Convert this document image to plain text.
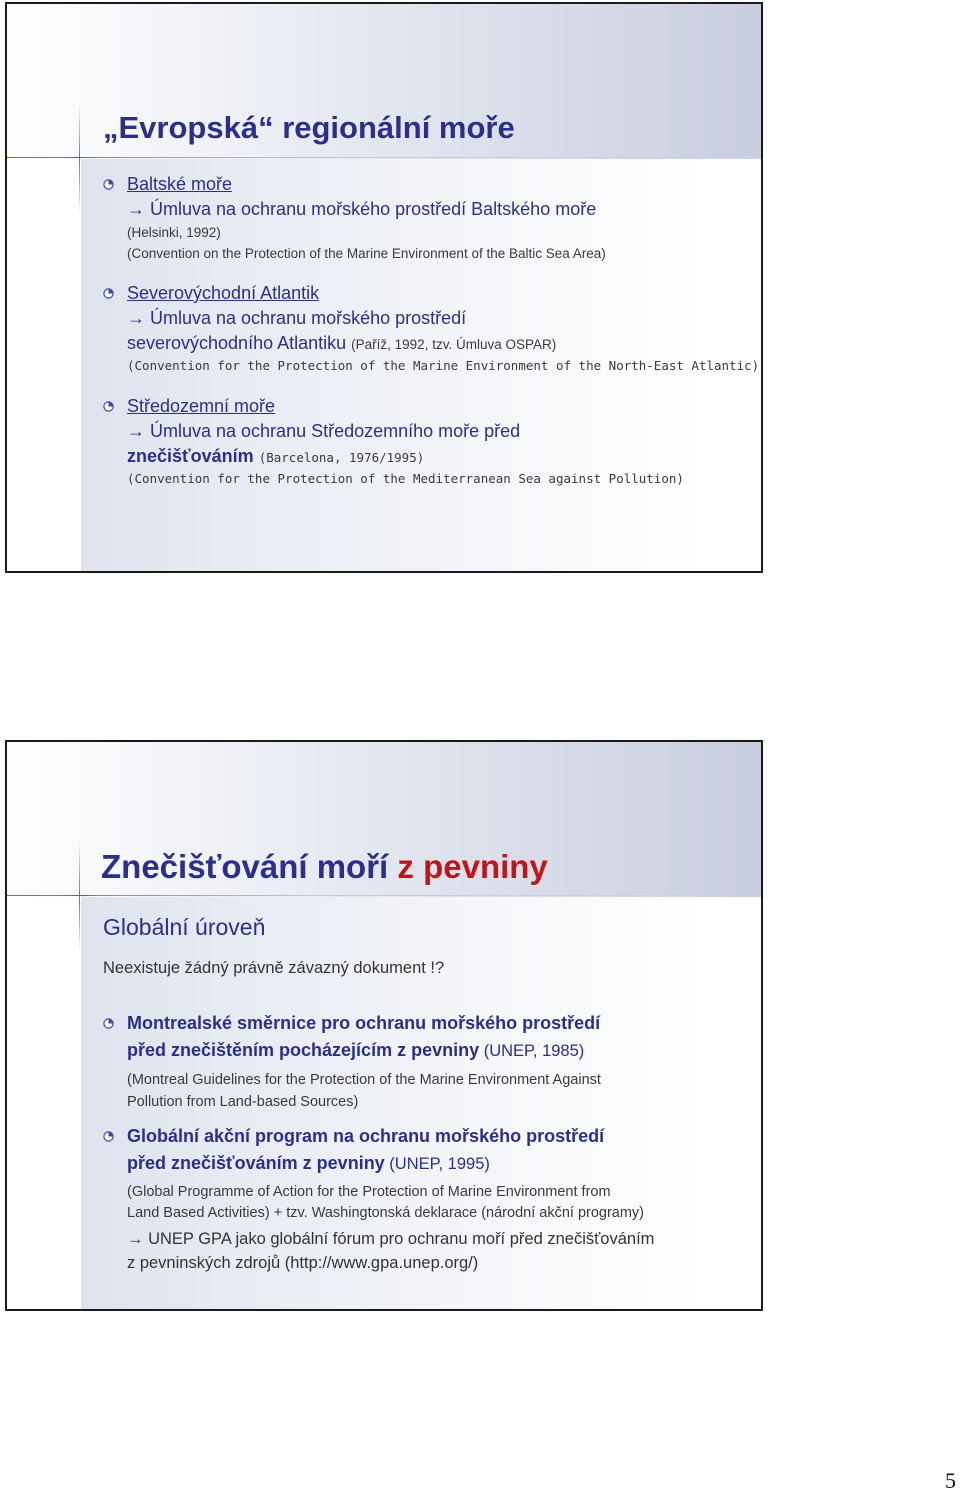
„Evropská“ regionální moře
Baltské moře
→ Úmluva na ochranu mořského prostředí Baltského moře
(Helsinki, 1992)
(Convention on the Protection of the Marine Environment of the Baltic Sea Area)
Severovýchodní Atlantik
→ Úmluva na ochranu mořského prostředí
severovýchodního Atlantiku (Paříž, 1992, tzv. Úmluva OSPAR)
(Convention for the Protection of the Marine Environment of the North-East Atlantic)
Středozemní moře
→ Úmluva na ochranu Středozemního moře před
znečišťováním (Barcelona, 1976/1995)
(Convention for the Protection of the Mediterranean Sea against Pollution)
Znečišťování moří z pevniny
Globální úroveň
Neexistuje žádný právně závazný dokument !?
Montrealské směrnice pro ochranu mořského prostředí
před znečištěním pocházejícím z pevniny (UNEP, 1985)
(Montreal Guidelines for the Protection of the Marine Environment Against
Pollution from Land-based Sources)
Globální akční program na ochranu mořského prostředí
před znečišťováním z pevniny (UNEP, 1995)
(Global Programme of Action for the Protection of Marine Environment from
Land Based Activities) + tzv. Washingtonská deklarace (národní akční programy)
→ UNEP GPA jako globální fórum pro ochranu moří před znečišťováním
z pevninských zdrojů (http://www.gpa.unep.org/)
5
